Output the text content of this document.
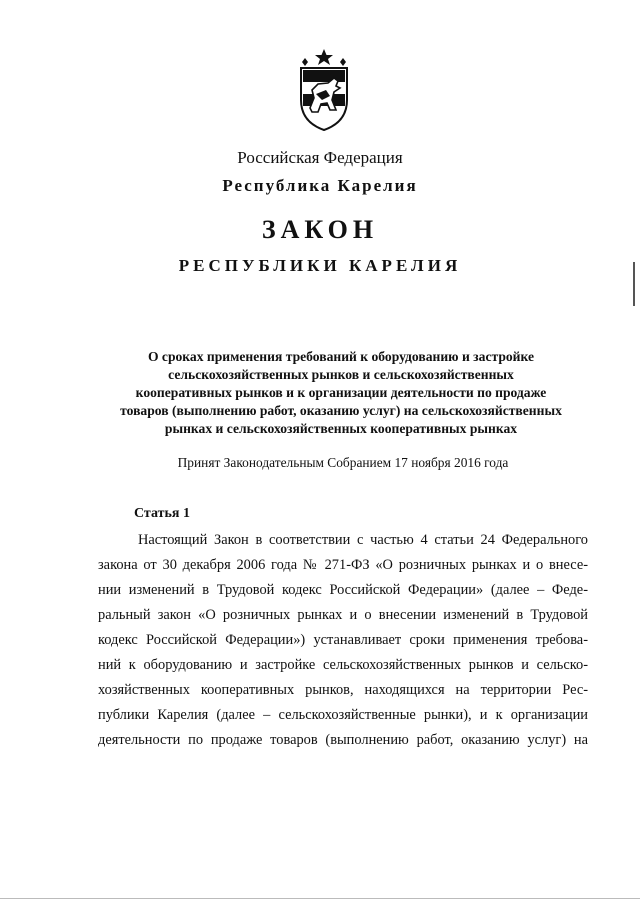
Российская Федерация
Республика Карелия
ЗАКОН
РЕСПУБЛИКИ КАРЕЛИЯ
О сроках применения требований к оборудованию и застройке
сельскохозяйственных рынков и сельскохозяйственных
кооперативных рынков и к организации деятельности по продаже
товаров (выполнению работ, оказанию услуг) на сельскохозяйственных
рынках и сельскохозяйственных кооперативных рынках
Принят Законодательным Собранием 17 ноября 2016 года
Статья 1
Настоящий Закон в соответствии с частью 4 статьи 24 Федерального
закона от 30 декабря 2006 года № 271-ФЗ «О розничных рынках и о внесе-
нии изменений в Трудовой кодекс Российской Федерации» (далее – Феде-
ральный закон «О розничных рынках и о внесении изменений в Трудовой
кодекс Российской Федерации») устанавливает сроки применения требова-
ний к оборудованию и застройке сельскохозяйственных рынков и сельско-
хозяйственных кооперативных рынков, находящихся на территории Рес-
публики Карелия (далее – сельскохозяйственные рынки), и к организации
деятельности по продаже товаров (выполнению работ, оказанию услуг) на
